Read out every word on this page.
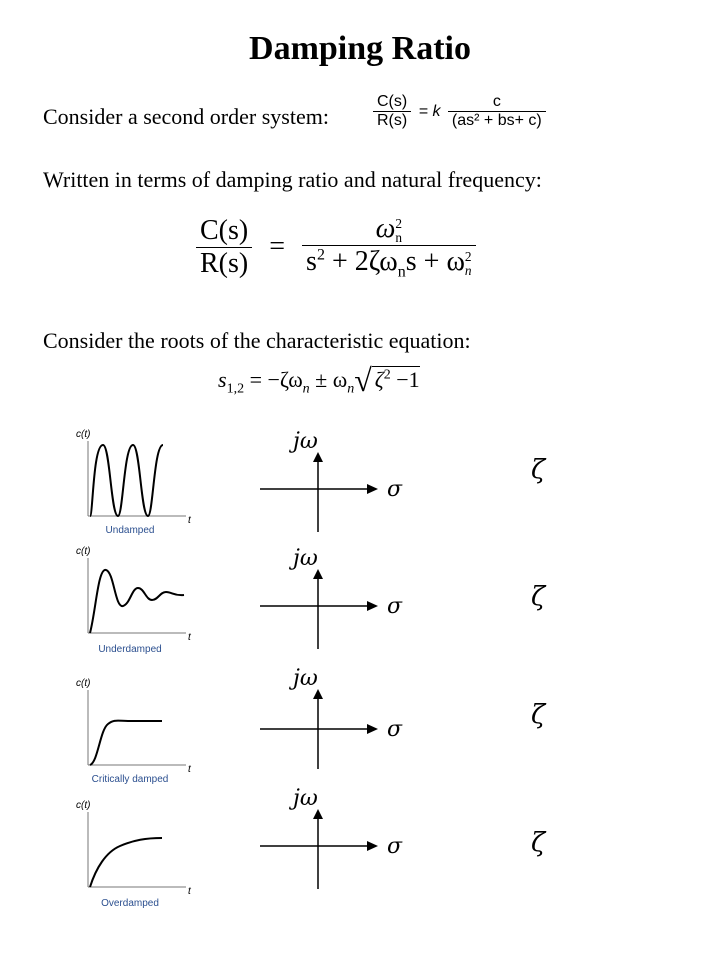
Damping Ratio
Consider a second order system:	$\frac{C(s)}{R(s)} = k \frac{c}{\text{(as² + bs+ c)}}$
Written in terms of damping ratio and natural frequency:
$\frac{C(s)}{R(s)} = \omega$ 2
n
$s^2 + 2\zeta\omega_ns + \omega$ 2
n
Consider the roots of the characteristic equation:
$s_{1,2} = -\zeta\omega_n \pm \omega_n√$ $\zeta^2 -1$
c(t)
t
Undamped
jω
σ
ζ
c(t)
t
Underdamped
jω
σ	ζ
c(t)
t
Critically damped
jω
σ	ζ
c(t)
t
Overdamped
jω
σ	ζ
